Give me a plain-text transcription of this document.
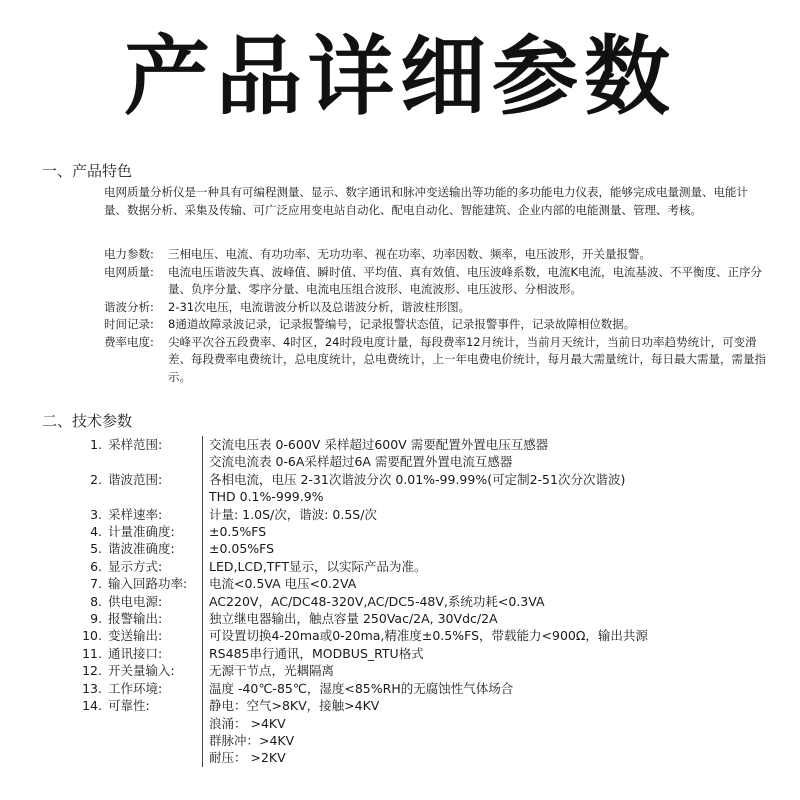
产品详细参数
一、产品特色
电网质量分析仪是一种具有可编程测量、显示、数字通讯和脉冲变送输出等功能的多功能电力仪表，能够完成电量测量、电能计量、数据分析、采集及传输、可广泛应用变电站自动化、配电自动化、智能建筑、企业内部的电能测量、管理、考核。
电力参数:	三相电压、电流、有功功率、无功功率、视在功率、功率因数、频率，电压波形，开关量报警。
电网质量:	电流电压谐波失真、波峰值、瞬时值、平均值、真有效值、电压波峰系数，电流K电流，电流基波、不平衡度、正序分量、负序分量、零序分量、电流电压组合波形、电流波形、电压波形、分相波形。
谐波分析:	2-31次电压，电流谐波分析以及总谐波分析，谐波柱形图。
时间记录:	8通道故障录波记录，记录报警编号，记录报警状态值，记录报警事件，记录故障相位数据。
费率电度:	尖峰平次谷五段费率、4时区，24时段电度计量，每段费率12月统计，当前月天统计，当前日功率趋势统计，可变滑差、每段费率电费统计，总电度统计，总电费统计，上一年电费电价统计，每月最大需量统计，每日最大需量，需量指示。
二、技术参数
1. 采样范围:	交流电压表 0-600V 采样超过600V 需要配置外置电压互感器
交流电流表 0-6A采样超过6A 需要配置外置电流互感器
2. 谐波范围:	各相电流，电压 2-31次谐波分次 0.01%-99.99%(可定制2-51次分次谐波)
THD 0.1%-999.9%
3. 采样速率:	计量: 1.0S/次，谐波: 0.5S/次
4. 计量准确度:	±0.5%FS
5. 谐波准确度:	±0.05%FS
6. 显示方式:	LED,LCD,TFT显示，以实际产品为准。
7. 输入回路功率:	电流<0.5VA 电压<0.2VA
8. 供电电源:	AC220V，AC/DC48-320V,AC/DC5-48V,系统功耗<0.3VA
9. 报警输出:	独立继电器输出，触点容量 250Vac/2A, 30Vdc/2A
10. 变送输出:	可设置切换4-20ma或0-20ma,精准度±0.5%FS，带载能力<900Ω，输出共源
11. 通讯接口:	RS485串行通讯，MODBUS_RTU格式
12. 开关量输入:	无源干节点，光耦隔离
13. 工作环境:	温度 -40℃-85℃，湿度<85%RH的无腐蚀性气体场合
14. 可靠性:	静电：空气>8KV，接触>4KV
浪涌： >4KV
群脉冲：>4KV
耐压： >2KV
